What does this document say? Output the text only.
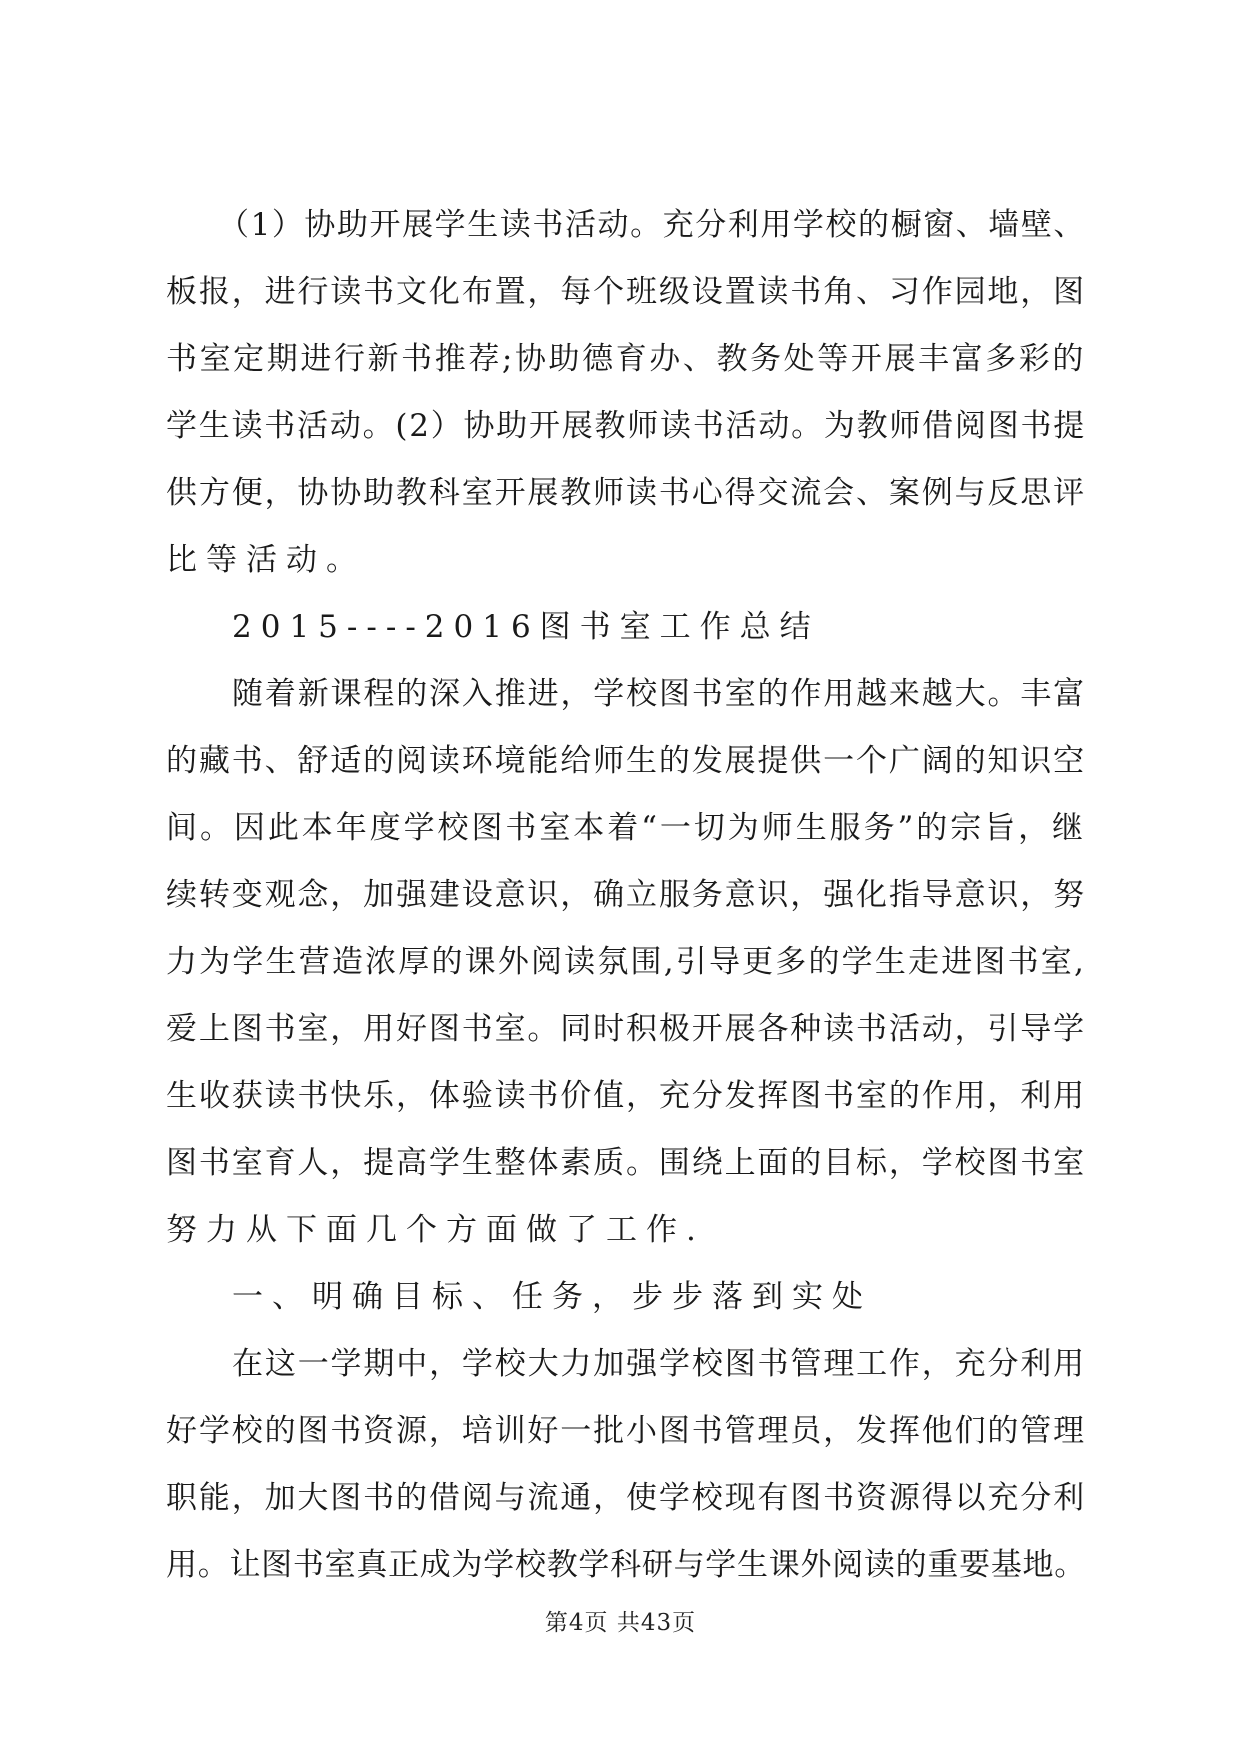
（1）协助开展学生读书活动。充分利用学校的橱窗、墙壁、
板报，进行读书文化布置，每个班级设置读书角、习作园地，图
书室定期进行新书推荐;协助德育办、教务处等开展丰富多彩的
学生读书活动。(2）协助开展教师读书活动。为教师借阅图书提
供方便，协协助教科室开展教师读书心得交流会、案例与反思评
比等活动。
2015----2016图书室工作总结
随着新课程的深入推进，学校图书室的作用越来越大。丰富
的藏书、舒适的阅读环境能给师生的发展提供一个广阔的知识空
间。因此本年度学校图书室本着“一切为师生服务”的宗旨，继
续转变观念，加强建设意识，确立服务意识，强化指导意识，努
力为学生营造浓厚的课外阅读氛围,引导更多的学生走进图书室,
爱上图书室，用好图书室。同时积极开展各种读书活动，引导学
生收获读书快乐，体验读书价值，充分发挥图书室的作用，利用
图书室育人，提高学生整体素质。围绕上面的目标，学校图书室
努力从下面几个方面做了工作.
一、明确目标、任务，步步落到实处
在这一学期中，学校大力加强学校图书管理工作，充分利用
好学校的图书资源，培训好一批小图书管理员，发挥他们的管理
职能，加大图书的借阅与流通，使学校现有图书资源得以充分利
用。让图书室真正成为学校教学科研与学生课外阅读的重要基地。
第4页 共43页
